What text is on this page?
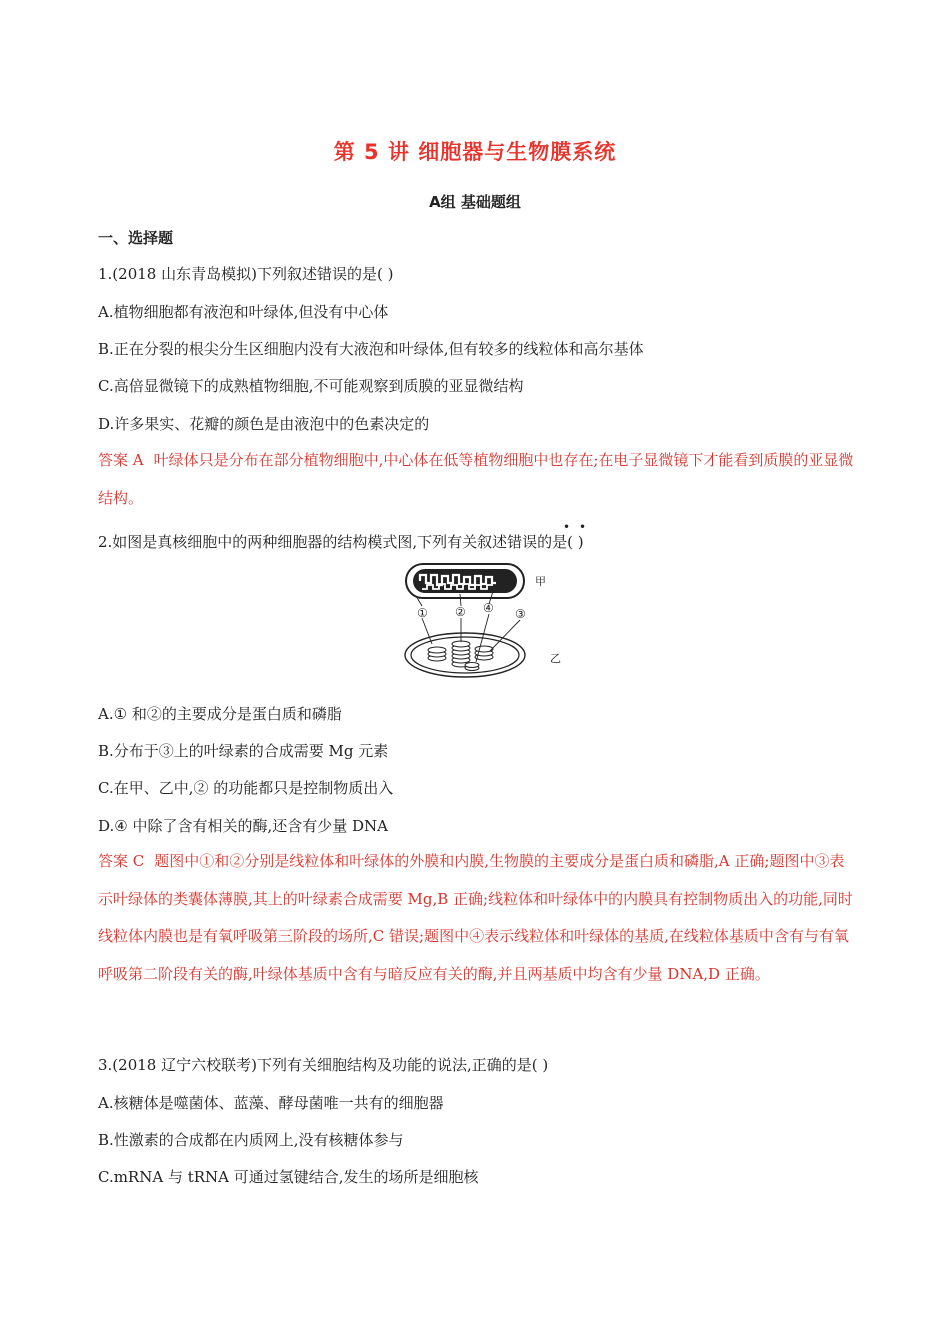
第 5 讲 细胞器与生物膜系统
A组 基础题组
一、选择题
1.(2018 山东青岛模拟)下列叙述错误的是( )
A.植物细胞都有液泡和叶绿体,但没有中心体
B.正在分裂的根尖分生区细胞内没有大液泡和叶绿体,但有较多的线粒体和高尔基体
C.高倍显微镜下的成熟植物细胞,不可能观察到质膜的亚显微结构
D.许多果实、花瓣的颜色是由液泡中的色素决定的
答案 A 叶绿体只是分布在部分植物细胞中,中心体在低等植物细胞中也存在;在电子显微镜下才能看到质膜的亚显微结构。
• •
2.如图是真核细胞中的两种细胞器的结构模式图,下列有关叙述错误的是( )
甲
乙
① ② ④ ③
A.① 和②的主要成分是蛋白质和磷脂
B.分布于③上的叶绿素的合成需要 Mg 元素
C.在甲、乙中,② 的功能都只是控制物质出入
D.④ 中除了含有相关的酶,还含有少量 DNA
答案 C 题图中①和②分别是线粒体和叶绿体的外膜和内膜,生物膜的主要成分是蛋白质和磷脂,A 正确;题图中③表示叶绿体的类囊体薄膜,其上的叶绿素合成需要 Mg,B 正确;线粒体和叶绿体中的内膜具有控制物质出入的功能,同时线粒体内膜也是有氧呼吸第三阶段的场所,C 错误;题图中④表示线粒体和叶绿体的基质,在线粒体基质中含有与有氧呼吸第二阶段有关的酶,叶绿体基质中含有与暗反应有关的酶,并且两基质中均含有少量 DNA,D 正确。
3.(2018 辽宁六校联考)下列有关细胞结构及功能的说法,正确的是( )
A.核糖体是噬菌体、蓝藻、酵母菌唯一共有的细胞器
B.性激素的合成都在内质网上,没有核糖体参与
C.mRNA 与 tRNA 可通过氢键结合,发生的场所是细胞核
